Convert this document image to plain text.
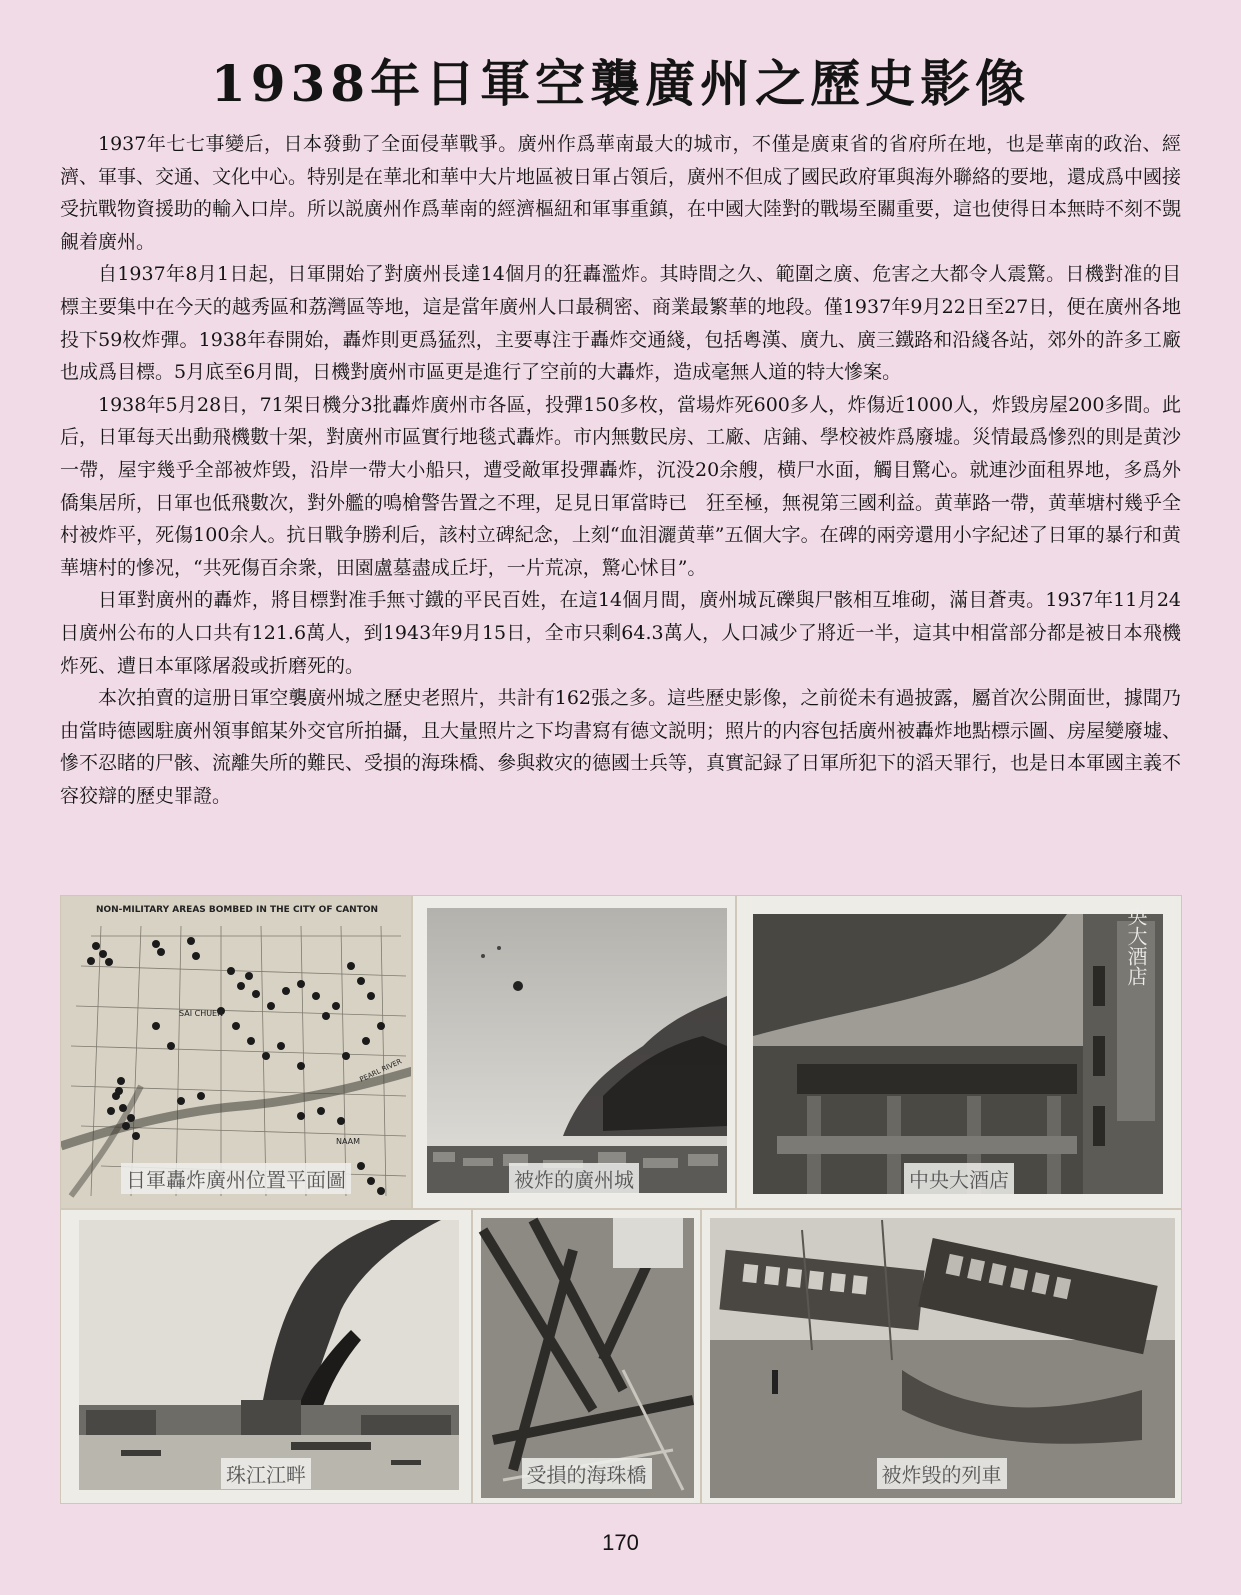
1938年日軍空襲廣州之歷史影像

1937年七七事變后，日本發動了全面侵華戰爭。廣州作爲華南最大的城市，不僅是廣東省的省府所在地，也是華南的政治、經濟、軍事、交通、文化中心。特别是在華北和華中大片地區被日軍占領后，廣州不但成了國民政府軍與海外聯絡的要地，還成爲中國接受抗戰物資援助的輸入口岸。所以説廣州作爲華南的經濟樞紐和軍事重鎮，在中國大陸對的戰場至關重要，這也使得日本無時不刻不覬覦着廣州。

自1937年8月1日起，日軍開始了對廣州長達14個月的狂轟濫炸。其時間之久、範圍之廣、危害之大都令人震驚。日機對准的目標主要集中在今天的越秀區和荔灣區等地，這是當年廣州人口最稠密、商業最繁華的地段。僅1937年9月22日至27日，便在廣州各地投下59枚炸彈。1938年春開始，轟炸則更爲猛烈，主要專注于轟炸交通綫，包括粵漢、廣九、廣三鐵路和沿綫各站，郊外的許多工廠也成爲目標。5月底至6月間，日機對廣州市區更是進行了空前的大轟炸，造成毫無人道的特大慘案。

1938年5月28日，71架日機分3批轟炸廣州市各區，投彈150多枚，當場炸死600多人，炸傷近1000人，炸毀房屋200多間。此后，日軍每天出動飛機數十架，對廣州市區實行地毯式轟炸。市内無數民房、工廠、店鋪、學校被炸爲廢墟。災情最爲慘烈的則是黄沙一帶，屋宇幾乎全部被炸毁，沿岸一帶大小船只，遭受敵軍投彈轟炸，沉没20余艘，横尸水面，觸目驚心。就連沙面租界地，多爲外僑集居所，日軍也低飛數次，對外艦的鳴槍警告置之不理，足見日軍當時已　狂至極，無視第三國利益。黄華路一帶，黄華塘村幾乎全村被炸平，死傷100余人。抗日戰争勝利后，該村立碑紀念，上刻“血泪灑黄華”五個大字。在碑的兩旁還用小字紀述了日軍的暴行和黄華塘村的慘况，“共死傷百余衆，田園盧墓盡成丘圩，一片荒凉，驚心怵目”。

日軍對廣州的轟炸，將目標對准手無寸鐵的平民百姓，在這14個月間，廣州城瓦礫與尸骸相互堆砌，滿目蒼夷。1937年11月24日廣州公布的人口共有121.6萬人，到1943年9月15日，全市只剩64.3萬人，人口减少了將近一半，這其中相當部分都是被日本飛機炸死、遭日本軍隊屠殺或折磨死的。

本次拍賣的這册日軍空襲廣州城之歷史老照片，共計有162張之多。這些歷史影像，之前從未有過披露，屬首次公開面世，據聞乃由當時德國駐廣州領事館某外交官所拍攝，且大量照片之下均書寫有德文説明；照片的内容包括廣州被轟炸地點標示圖、房屋變廢墟、慘不忍睹的尸骸、流離失所的難民、受損的海珠橋、參與救灾的德國士兵等，真實記録了日軍所犯下的滔天罪行，也是日本軍國主義不容狡辯的歷史罪證。

NON-MILITARY AREAS BOMBED IN THE CITY OF CANTON
SAI CHUEN
PEARL RIVER
NAAM
日軍轟炸廣州位置平面圖	被炸的廣州城
央大酒店
中央大酒店
珠江江畔	受損的海珠橋	被炸毁的列車
170
